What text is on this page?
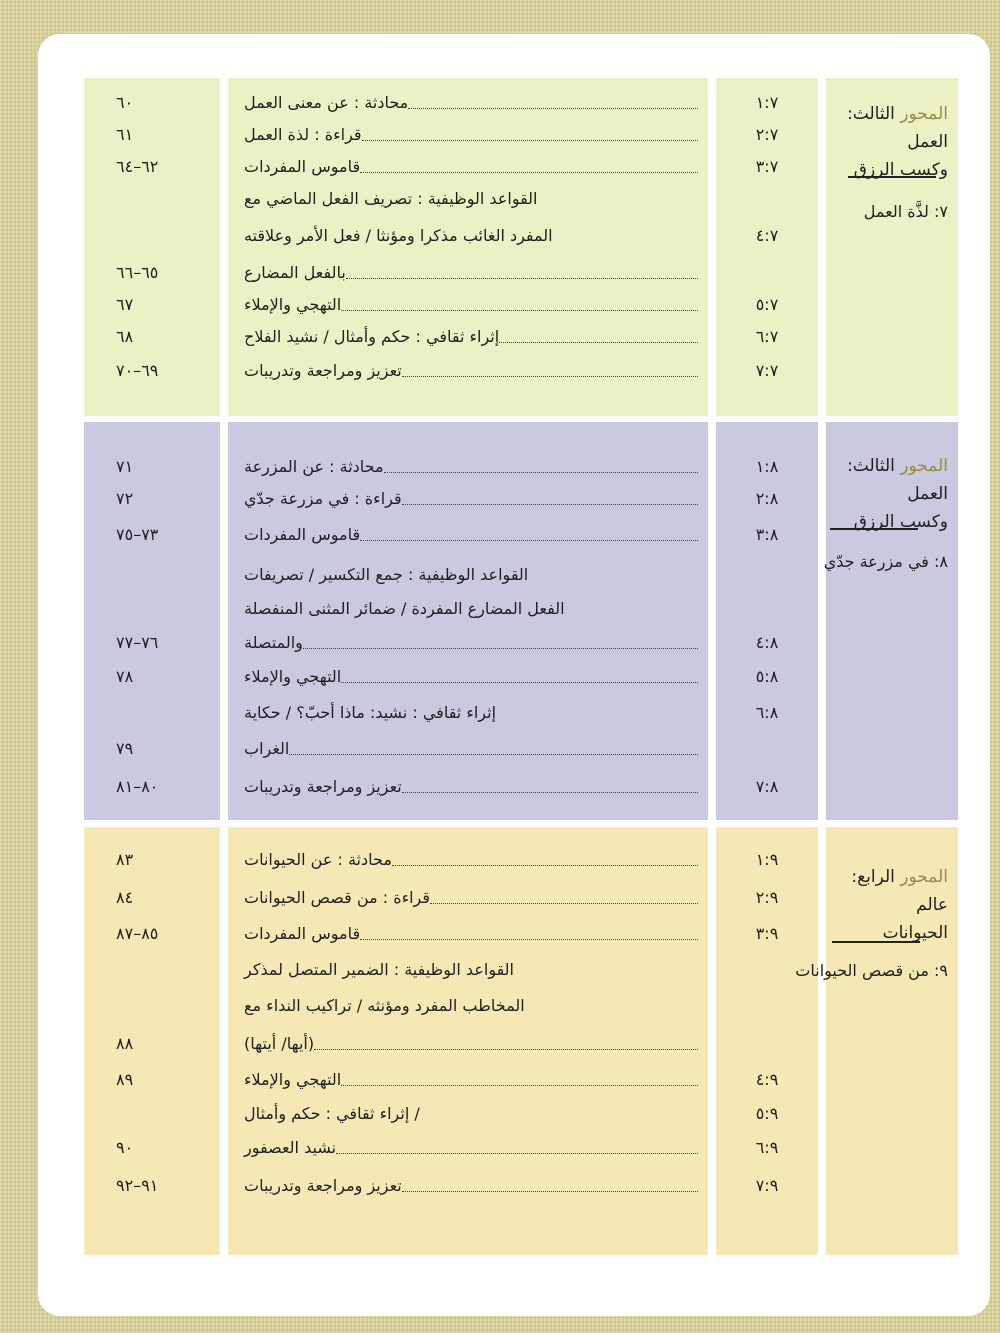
٦٠
٦١
٦٢–٦٤
٦٥–٦٦
٦٧
٦٨
٦٩–٧٠
محادثة : عن معنى العمل
قراءة : لذة العمل
قاموس المفردات
القواعد الوظيفية : تصريف الفعل الماضي مع
المفرد الغائب مذكرا ومؤنثا / فعل الأمر وعلاقته
بالفعل المضارع
التهجي والإملاء
إثراء ثقافي : حكم وأمثال / نشيد الفلاح
تعزيز ومراجعة وتدريبات
١:٧
٢:٧
٣:٧
٤:٧
٥:٧
٦:٧
٧:٧
المحور الثالث: العمل
وكسب الرزق
٧: لذَّة العمل
٧١
٧٢
٧٣–٧٥
٧٦–٧٧
٧٨
٧٩
٨٠–٨١
محادثة : عن المزرعة
قراءة : في مزرعة جدّي
قاموس المفردات
القواعد الوظيفية : جمع التكسير / تصريفات
الفعل المضارع المفردة / ضمائر المثنى المنفصلة
والمتصلة
التهجي والإملاء
إثراء ثقافي : نشيد: ماذا أحبّ؟ / حكاية
الغراب
تعزيز ومراجعة وتدريبات
١:٨
٢:٨
٣:٨
٤:٨
٥:٨
٦:٨
٧:٨
المحور الثالث: العمل
وكسب الرزق
٨: في مزرعة جدّي
٨٣
٨٤
٨٥–٨٧
٨٨
٨٩
٩٠
٩١–٩٢
محادثة : عن الحيوانات
قراءة : من قصص الحيوانات
قاموس المفردات
القواعد الوظيفية : الضمير المتصل لمذكر
المخاطب المفرد ومؤنثه / تراكيب النداء مع
(أيها/ أيتها)
التهجي والإملاء
إثراء ثقافي : حكم وأمثال /
نشيد العصفور
تعزيز ومراجعة وتدريبات
١:٩
٢:٩
٣:٩
٤:٩
٥:٩
٦:٩
٧:٩
المحور الرابع: عالم
الحيوانات
٩: من قصص الحيوانات
